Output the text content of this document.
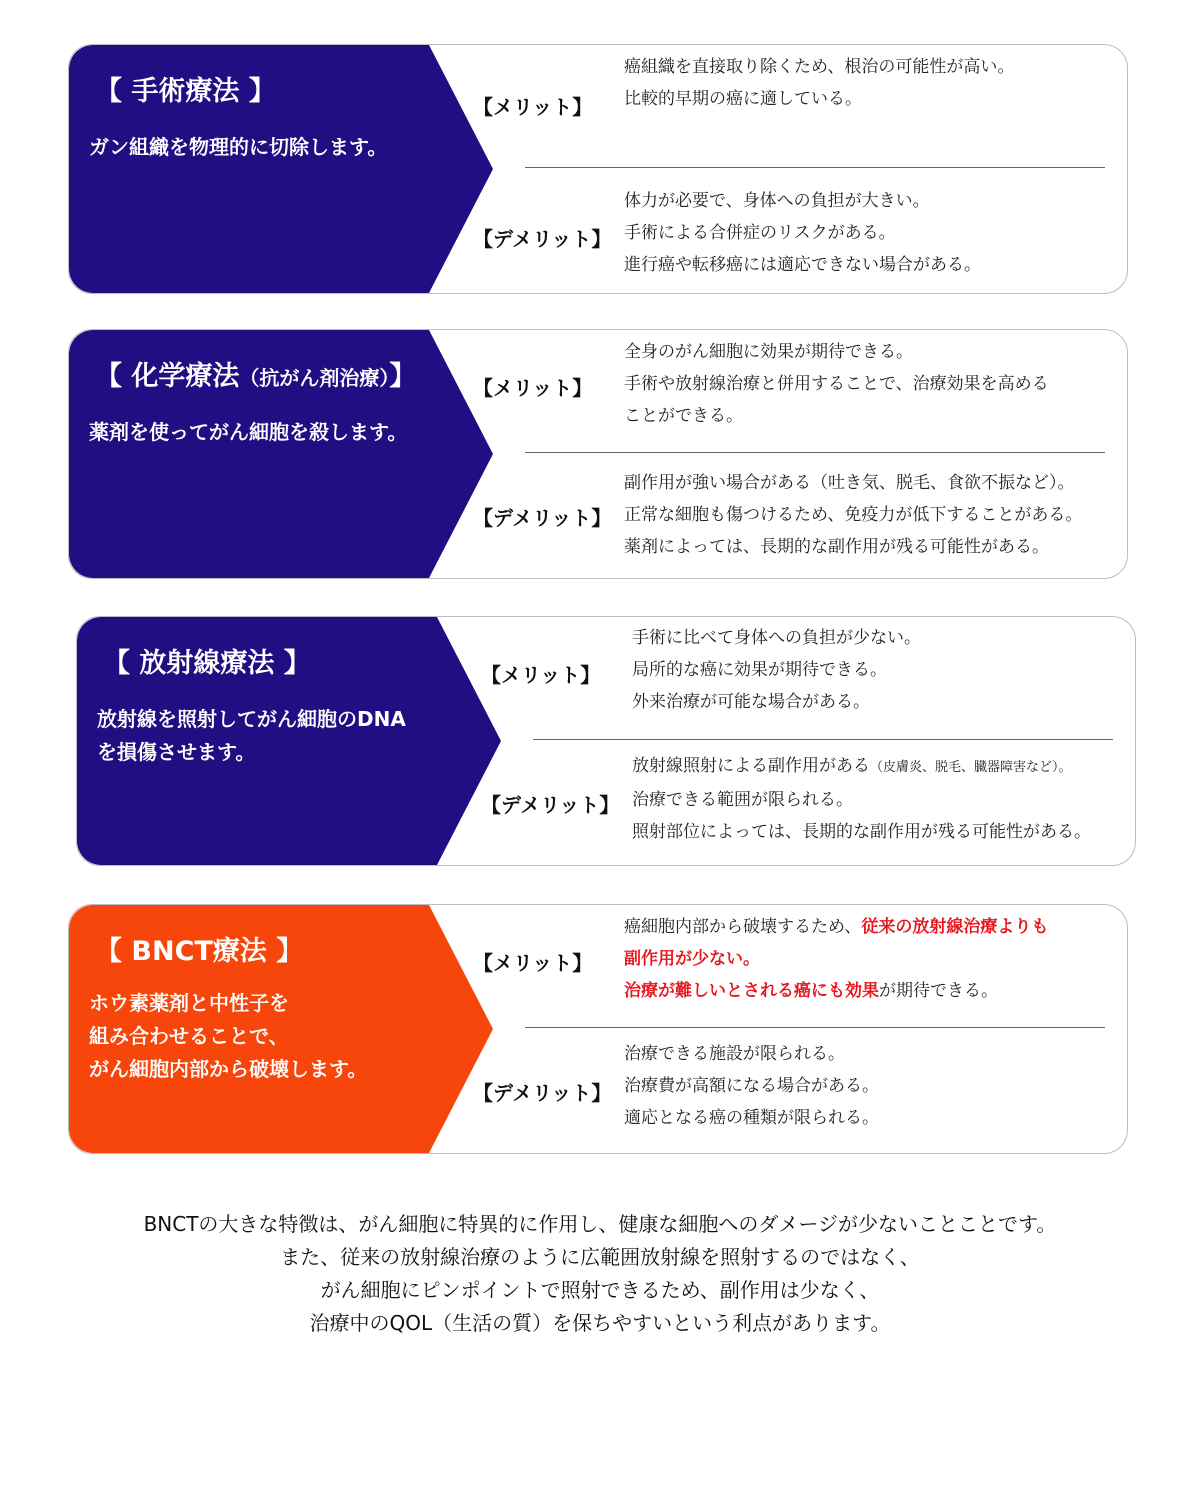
【 手術療法 】
ガン組織を物理的に切除します。
【メリット】
癌組織を直接取り除くため、根治の可能性が高い。
比較的早期の癌に適している。
【デメリット】
体力が必要で、身体への負担が大きい。
手術による合併症のリスクがある。
進行癌や転移癌には適応できない場合がある。
【 化学療法（抗がん剤治療）】
薬剤を使ってがん細胞を殺します。
【メリット】
全身のがん細胞に効果が期待できる。
手術や放射線治療と併用することで、治療効果を高める
ことができる。
【デメリット】
副作用が強い場合がある（吐き気、脱毛、食欲不振など）。
正常な細胞も傷つけるため、免疫力が低下することがある。
薬剤によっては、長期的な副作用が残る可能性がある。
【 放射線療法 】
放射線を照射してがん細胞のDNA
を損傷させます。
【メリット】
手術に比べて身体への負担が少ない。
局所的な癌に効果が期待できる。
外来治療が可能な場合がある。
【デメリット】
放射線照射による副作用がある（皮膚炎、脱毛、臓器障害など）。
治療できる範囲が限られる。
照射部位によっては、長期的な副作用が残る可能性がある。
【 BNCT療法 】
ホウ素薬剤と中性子を
組み合わせることで、
がん細胞内部から破壊します。
【メリット】
癌細胞内部から破壊するため、従来の放射線治療よりも
副作用が少ない。
治療が難しいとされる癌にも効果が期待できる。
【デメリット】
治療できる施設が限られる。
治療費が高額になる場合がある。
適応となる癌の種類が限られる。
BNCTの大きな特徴は、がん細胞に特異的に作用し、健康な細胞へのダメージが少ないことことです。
また、従来の放射線治療のように広範囲放射線を照射するのではなく、
がん細胞にピンポイントで照射できるため、副作用は少なく、
治療中のQOL（生活の質）を保ちやすいという利点があります。
